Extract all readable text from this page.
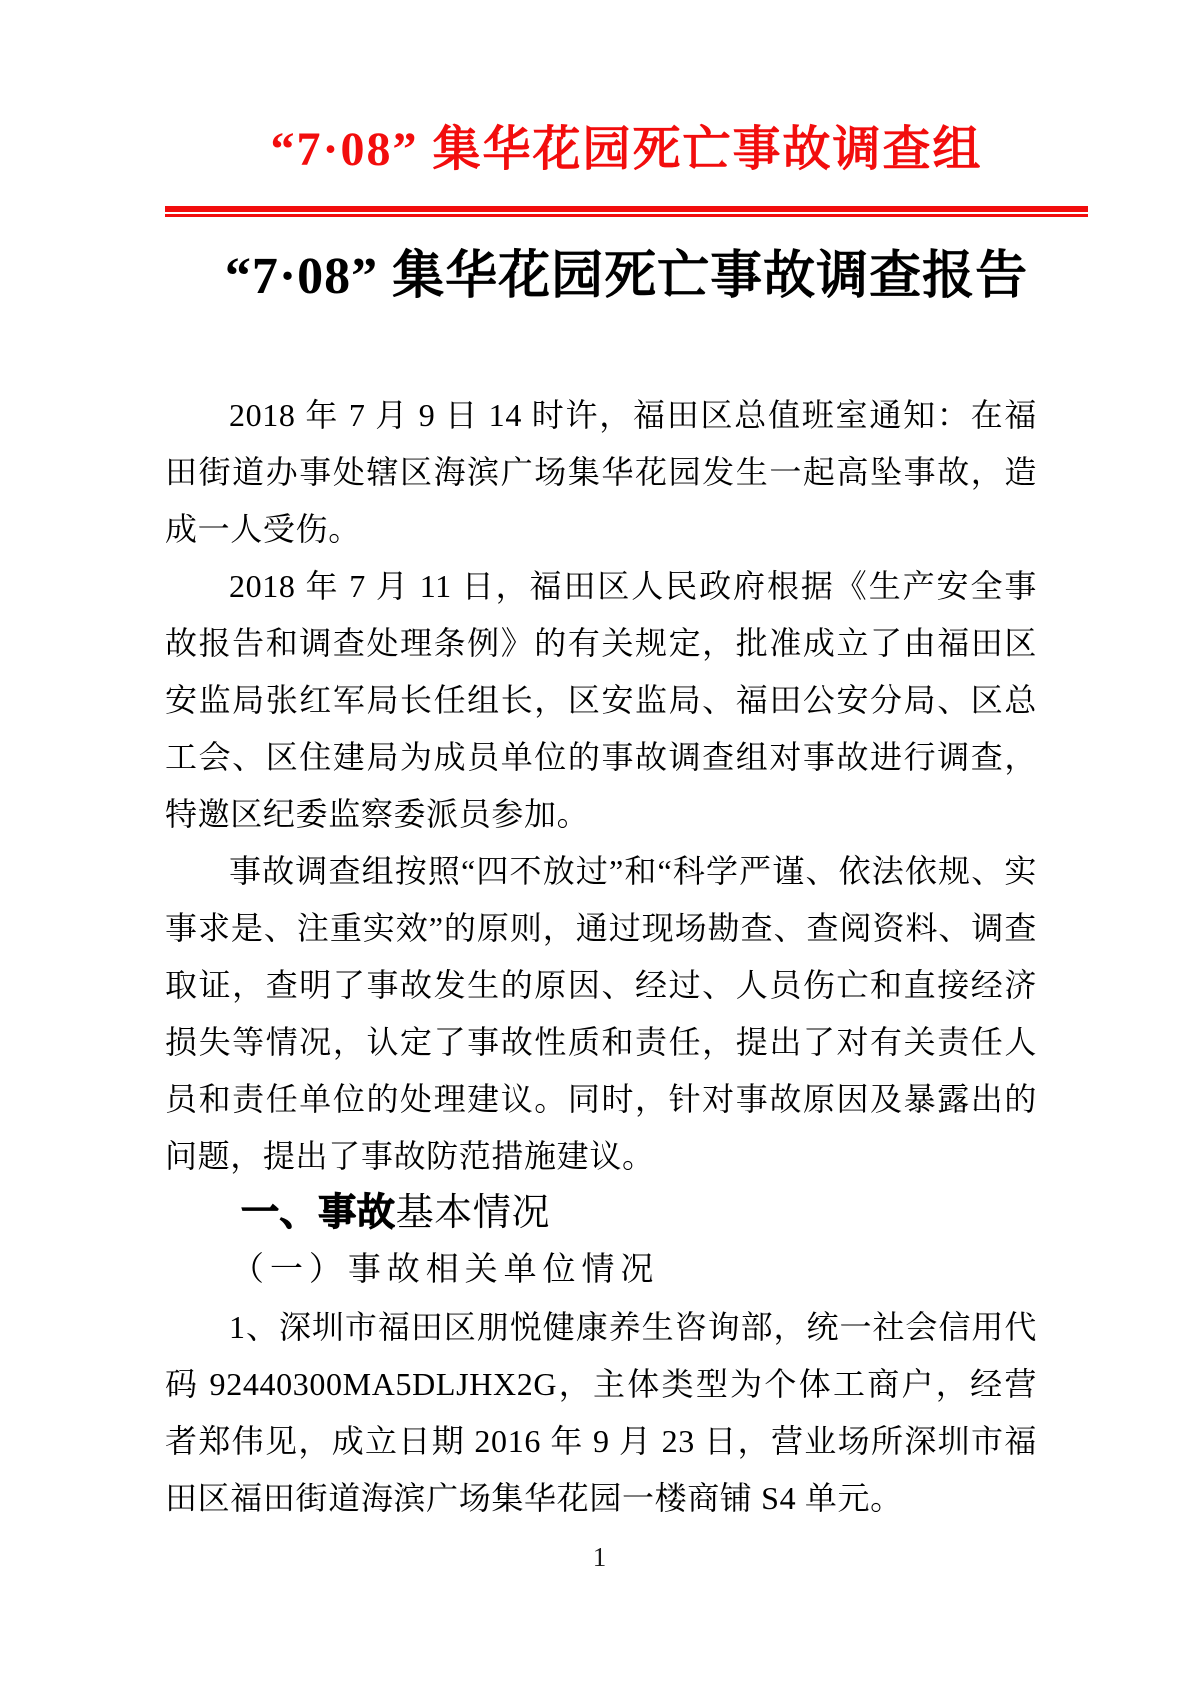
“7·08” 集华花园死亡事故调查组
“7·08” 集华花园死亡事故调查报告

2018 年 7 月 9 日 14 时许，福田区总值班室通知：在福田街道办事处辖区海滨广场集华花园发生一起高坠事故，造成一人受伤。

2018 年 7 月 11 日，福田区人民政府根据《生产安全事故报告和调查处理条例》的有关规定，批准成立了由福田区安监局张红军局长任组长，区安监局、福田公安分局、区总工会、区住建局为成员单位的事故调查组对事故进行调查，特邀区纪委监察委派员参加。

事故调查组按照“四不放过”和“科学严谨、依法依规、实事求是、注重实效”的原则，通过现场勘查、查阅资料、调查取证，查明了事故发生的原因、经过、人员伤亡和直接经济损失等情况，认定了事故性质和责任，提出了对有关责任人员和责任单位的处理建议。同时，针对事故原因及暴露出的问题，提出了事故防范措施建议。

一、事故基本情况

（一）事故相关单位情况

1、深圳市福田区朋悦健康养生咨询部，统一社会信用代码 92440300MA5DLJHX2G，主体类型为个体工商户，经营者郑伟见，成立日期 2016 年 9 月 23 日，营业场所深圳市福田区福田街道海滨广场集华花园一楼商铺 S4 单元。

1
